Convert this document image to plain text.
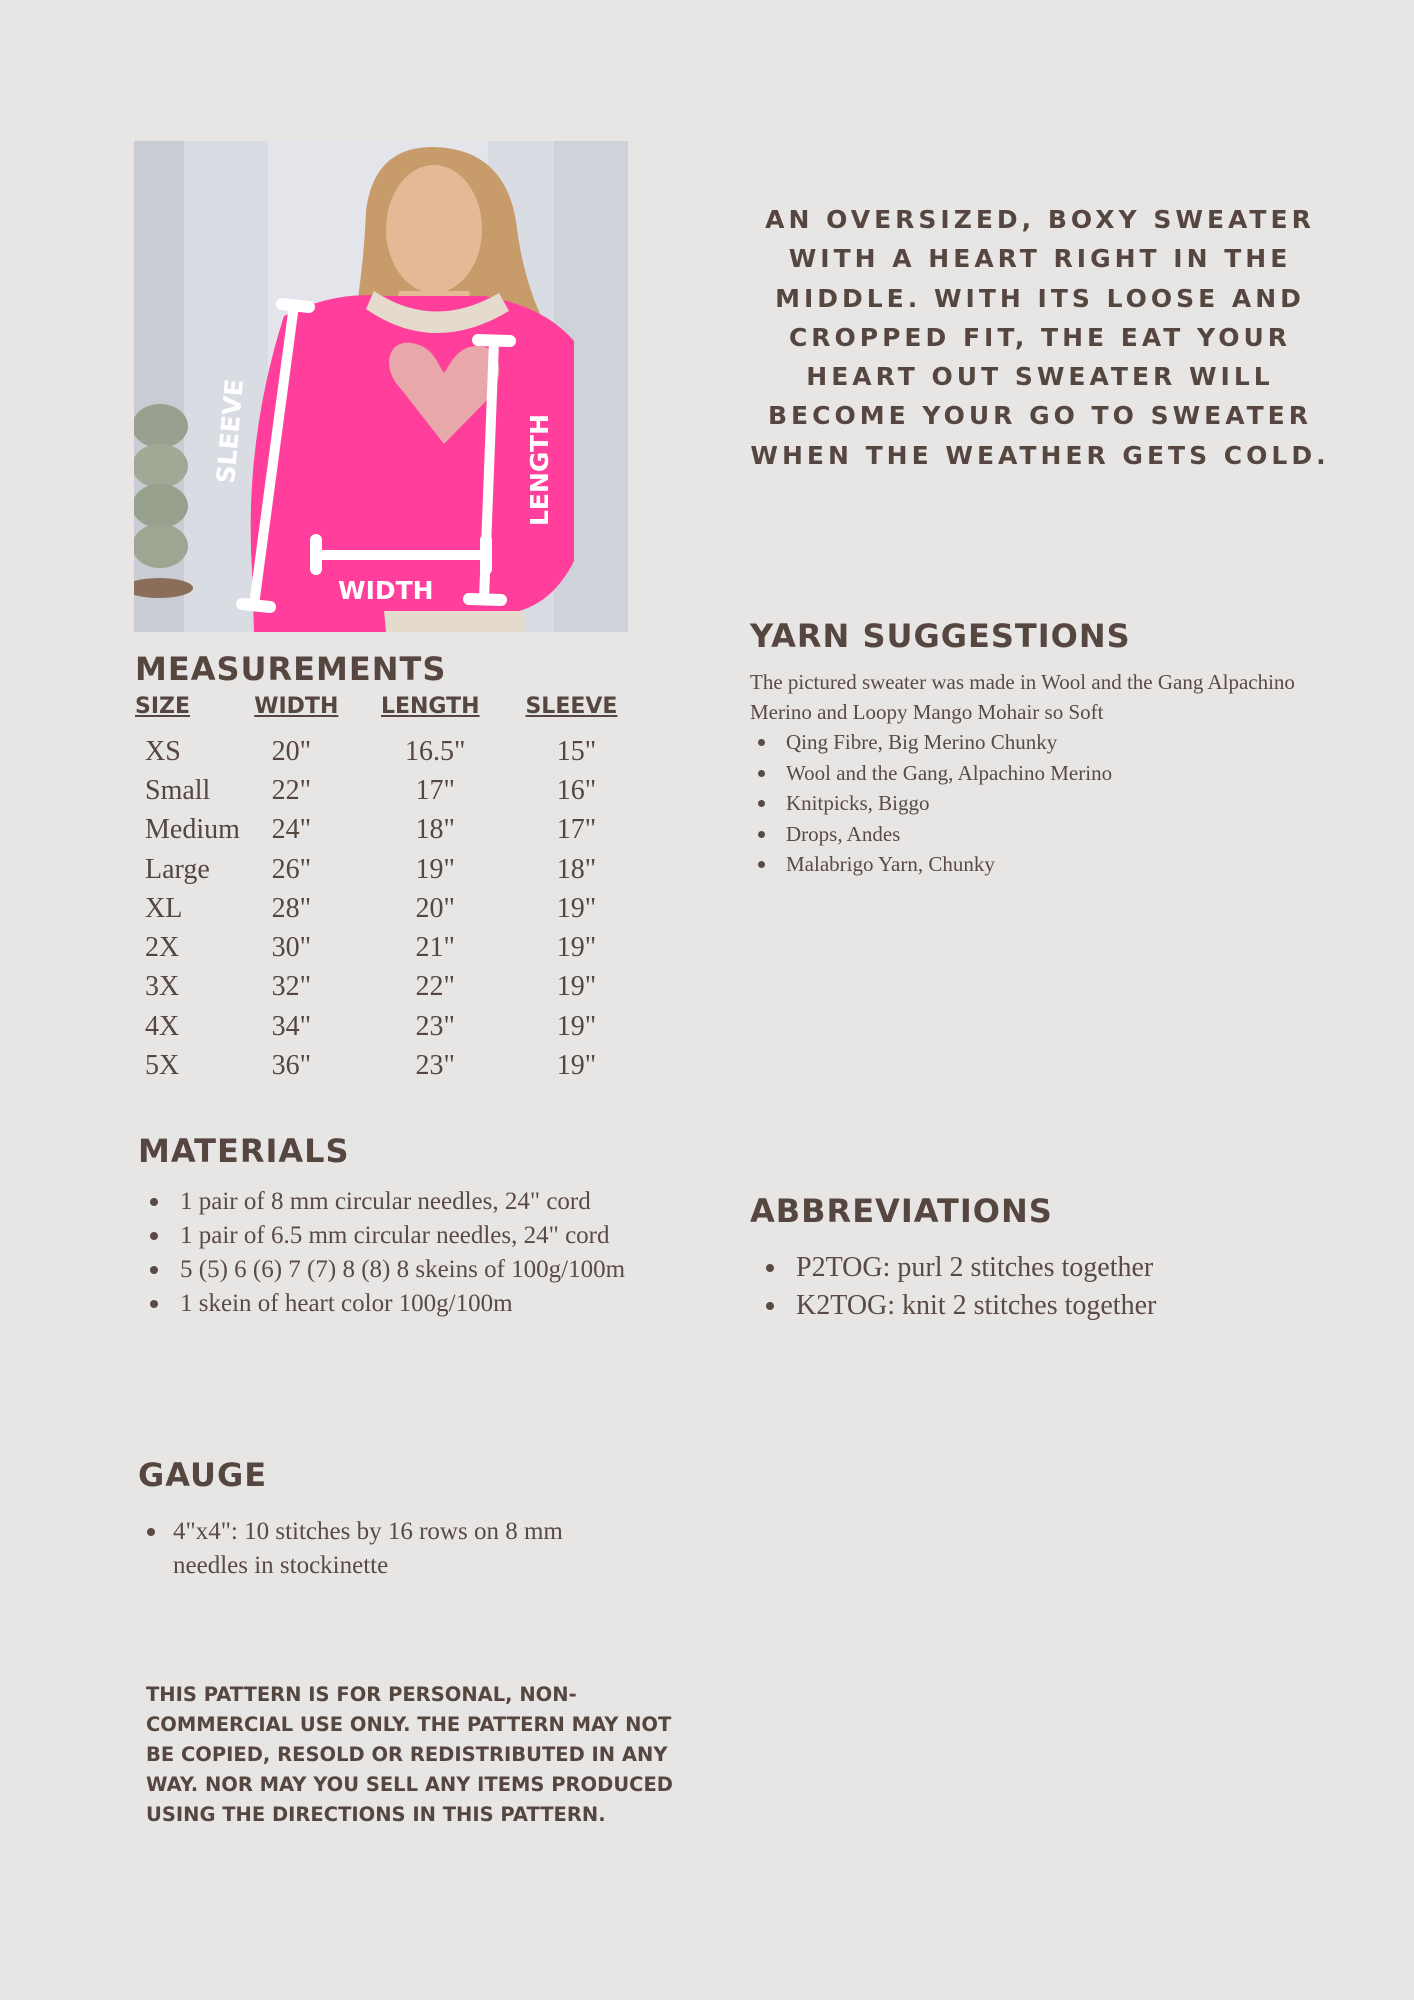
SLEEVE	LENGTH
WIDTH

AN OVERSIZED, BOXY SWEATER WITH A HEART RIGHT IN THE MIDDLE. WITH ITS LOOSE AND CROPPED FIT, THE EAT YOUR HEART OUT SWEATER WILL BECOME YOUR GO TO SWEATER WHEN THE WEATHER GETS COLD.

MEASUREMENTS
SIZE	WIDTH	LENGTH	SLEEVE
XS	20"	16.5"	15"
Small	22"	17"	16"
Medium	24"	18"	17"
Large	26"	19"	18"
XL	28"	20"	19"
2X	30"	21"	19"
3X	32"	22"	19"
4X	34"	23"	19"
5X	36"	23"	19"
MATERIALS
1 pair of 8 mm circular needles, 24" cord
1 pair of 6.5 mm circular needles, 24" cord
5 (5) 6 (6) 7 (7) 8 (8) 8 skeins of 100g/100m
1 skein of heart color 100g/100m
GAUGE
4"x4": 10 stitches by 16 rows on 8 mm needles in stockinette
YARN SUGGESTIONS

The pictured sweater was made in Wool and the Gang Alpachino Merino and Loopy Mango Mohair so Soft

Qing Fibre, Big Merino Chunky
Wool and the Gang, Alpachino Merino
Knitpicks, Biggo
Drops, Andes
Malabrigo Yarn, Chunky
ABBREVIATIONS
P2TOG: purl 2 stitches together
K2TOG: knit 2 stitches together

THIS PATTERN IS FOR PERSONAL, NON-COMMERCIAL USE ONLY. THE PATTERN MAY NOT BE COPIED, RESOLD OR REDISTRIBUTED IN ANY WAY. NOR MAY YOU SELL ANY ITEMS PRODUCED USING THE DIRECTIONS IN THIS PATTERN.
